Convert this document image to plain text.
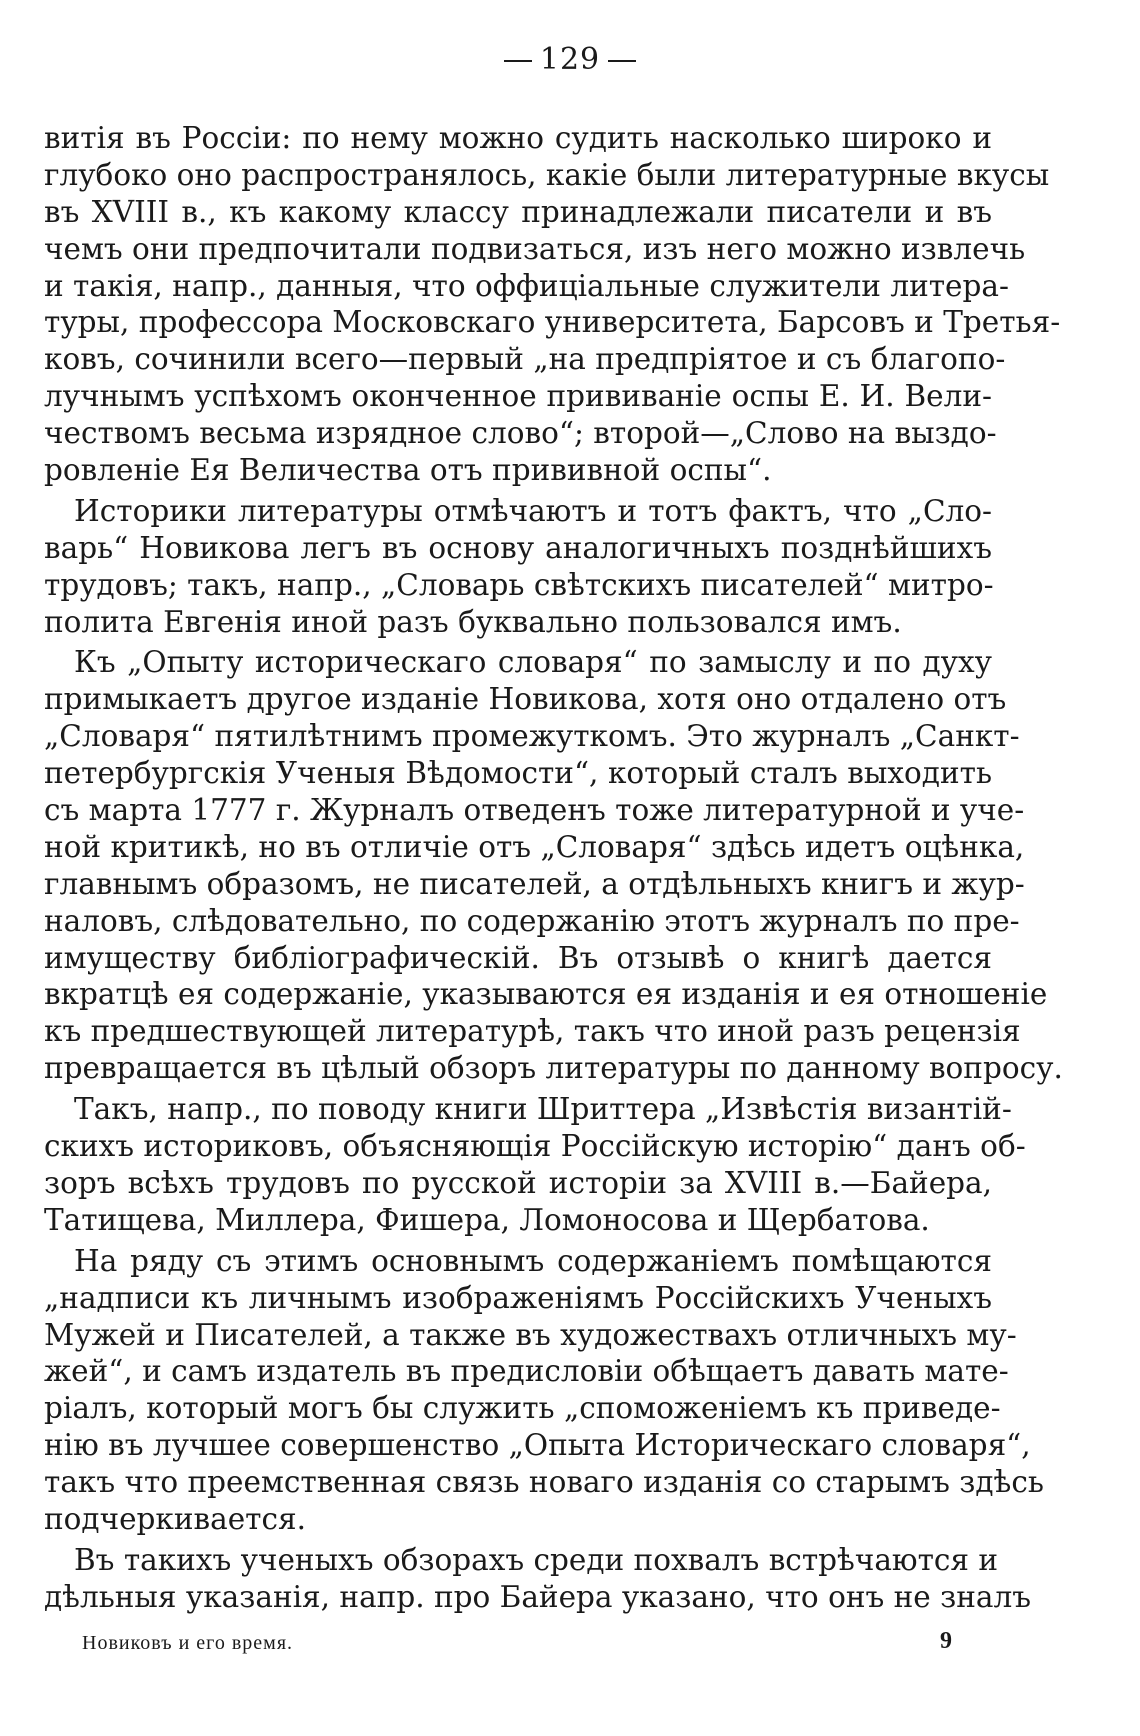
129
витія въ Россіи: по нему можно судить насколько широко и
глубоко оно распространялось, какіе были литературные вкусы
въ XVIII в., къ какому классу принадлежали писатели и въ
чемъ они предпочитали подвизаться, изъ него можно извлечь
и такія, напр., данныя, что оффиціальные служители литера-
туры, профессора Московскаго университета, Барсовъ и Третья-
ковъ, сочинили всего—первый „на предпріятое и съ благопо-
лучнымъ успѣхомъ оконченное прививаніе оспы Е. И. Вели-
чествомъ весьма изрядное слово“; второй—„Слово на выздо-
ровленіе Ея Величества отъ прививной оспы“.
Историки литературы отмѣчаютъ и тотъ фактъ, что „Сло-
варь“ Новикова легъ въ основу аналогичныхъ позднѣйшихъ
трудовъ; такъ, напр., „Словарь свѣтскихъ писателей“ митро-
полита Евгенія иной разъ буквально пользовался имъ.
Къ „Опыту историческаго словаря“ по замыслу и по духу
примыкаетъ другое изданіе Новикова, хотя оно отдалено отъ
„Словаря“ пятилѣтнимъ промежуткомъ. Это журналъ „Санкт-
петербургскія Ученыя Вѣдомости“, который сталъ выходить
съ марта 1777 г. Журналъ отведенъ тоже литературной и уче-
ной критикѣ, но въ отличіе отъ „Словаря“ здѣсь идетъ оцѣнка,
главнымъ образомъ, не писателей, а отдѣльныхъ книгъ и жур-
наловъ, слѣдовательно, по содержанію этотъ журналъ по пре-
имуществу библіографическій. Въ отзывѣ о книгѣ дается
вкратцѣ ея содержаніе, указываются ея изданія и ея отношеніе
къ предшествующей литературѣ, такъ что иной разъ рецензія
превращается въ цѣлый обзоръ литературы по данному вопросу.
Такъ, напр., по поводу книги Шриттера „Извѣстія византій-
скихъ историковъ, объясняющія Россійскую исторію“ данъ об-
зоръ всѣхъ трудовъ по русской исторіи за XVIII в.—Байера,
Татищева, Миллера, Фишера, Ломоносова и Щербатова.
На ряду съ этимъ основнымъ содержаніемъ помѣщаются
„надписи къ личнымъ изображеніямъ Россійскихъ Ученыхъ
Мужей и Писателей, а также въ художествахъ отличныхъ му-
жей“, и самъ издатель въ предисловіи обѣщаетъ давать мате-
ріалъ, который могъ бы служить „споможеніемъ къ приведе-
нію въ лучшее совершенство „Опыта Историческаго словаря“,
такъ что преемственная связь новаго изданія со старымъ здѣсь
подчеркивается.
Въ такихъ ученыхъ обзорахъ среди похвалъ встрѣчаются и
дѣльныя указанія, напр. про Байера указано, что онъ не зналъ
Новиковъ и его время.	9
